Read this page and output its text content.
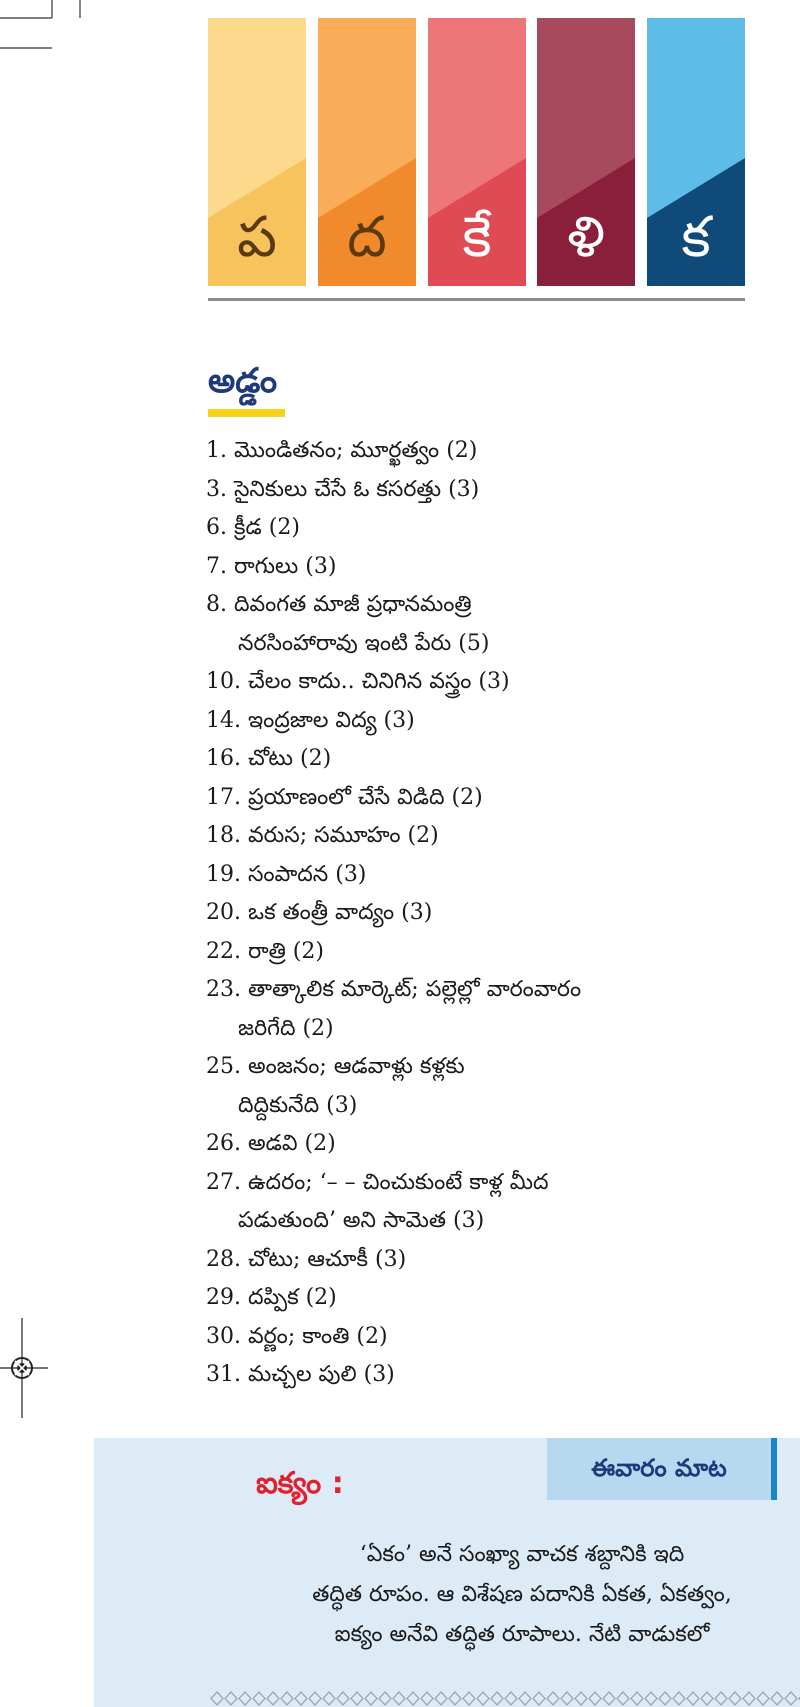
ప	ద	కే	ళి	క
అడ్డం
1. మొండితనం; మూర్ఖత్వం (2)
3. సైనికులు చేసే ఓ కసరత్తు (3)
6. క్రీడ (2)
7. రాగులు (3)
8. దివంగత మాజీ ప్రధానమంత్రి
నరసింహారావు ఇంటి పేరు (5)
10. చేలం కాదు.. చినిగిన వస్త్రం (3)
14. ఇంద్రజాల విద్య (3)
16. చోటు (2)
17. ప్రయాణంలో చేసే విడిది (2)
18. వరుస; సమూహం (2)
19. సంపాదన (3)
20. ఒక తంత్రీ వాద్యం (3)
22. రాత్రి (2)
23. తాత్కాలిక మార్కెట్; పల్లెల్లో వారంవారం
జరిగేది (2)
25. అంజనం; ఆడవాళ్లు కళ్లకు
దిద్దికునేది (3)
26. అడవి (2)
27. ఉదరం; ‘– – చించుకుంటే కాళ్ల మీద
పడుతుంది’ అని సామెత (3)
28. చోటు; ఆచూకీ (3)
29. దప్పిక (2)
30. వర్ణం; కాంతి (2)
31. మచ్చల పులి (3)
ఈవారం మాట
ఐక్యం :
‘ఏకం’ అనే సంఖ్యా వాచక శబ్దానికి ఇది
తద్ధిత రూపం. ఆ విశేషణ పదానికి ఏకత, ఏకత్వం,
ఐక్యం అనేవి తద్ధిత రూపాలు. నేటి వాడుకలో
